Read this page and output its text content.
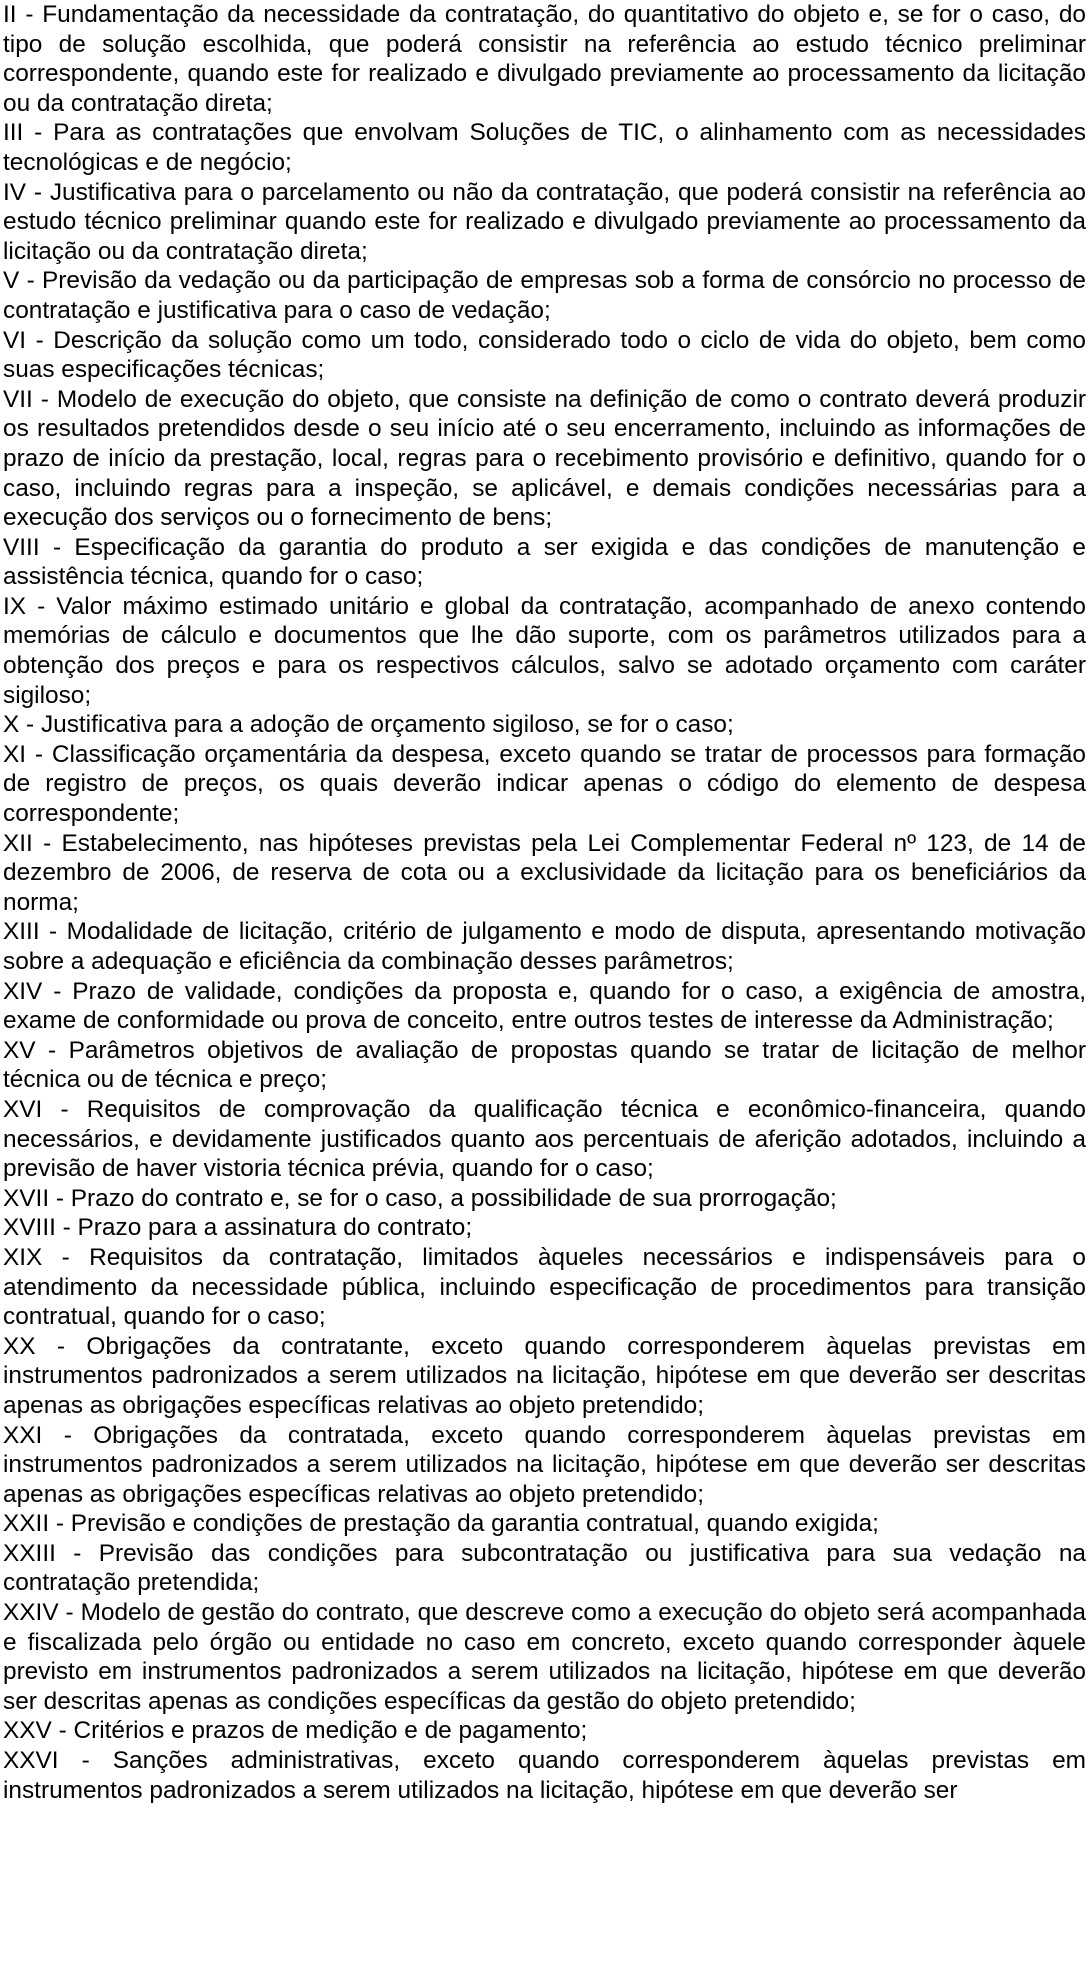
II - Fundamentação da necessidade da contratação, do quantitativo do objeto e, se for o caso, do tipo de solução escolhida, que poderá consistir na referência ao estudo técnico preliminar correspondente, quando este for realizado e divulgado previamente ao processamento da licitação ou da contratação direta;

III - Para as contratações que envolvam Soluções de TIC, o alinhamento com as necessidades tecnológicas e de negócio;

IV - Justificativa para o parcelamento ou não da contratação, que poderá consistir na referência ao estudo técnico preliminar quando este for realizado e divulgado previamente ao processamento da licitação ou da contratação direta;

V - Previsão da vedação ou da participação de empresas sob a forma de consórcio no processo de contratação e justificativa para o caso de vedação;

VI - Descrição da solução como um todo, considerado todo o ciclo de vida do objeto, bem como suas especificações técnicas;

VII - Modelo de execução do objeto, que consiste na definição de como o contrato deverá produzir os resultados pretendidos desde o seu início até o seu encerramento, incluindo as informações de prazo de início da prestação, local, regras para o recebimento provisório e definitivo, quando for o caso, incluindo regras para a inspeção, se aplicável, e demais condições necessárias para a execução dos serviços ou o fornecimento de bens;

VIII - Especificação da garantia do produto a ser exigida e das condições de manutenção e assistência técnica, quando for o caso;

IX - Valor máximo estimado unitário e global da contratação, acompanhado de anexo contendo memórias de cálculo e documentos que lhe dão suporte, com os parâmetros utilizados para a obtenção dos preços e para os respectivos cálculos, salvo se adotado orçamento com caráter sigiloso;

X - Justificativa para a adoção de orçamento sigiloso, se for o caso;

XI - Classificação orçamentária da despesa, exceto quando se tratar de processos para formação de registro de preços, os quais deverão indicar apenas o código do elemento de despesa correspondente;

XII - Estabelecimento, nas hipóteses previstas pela Lei Complementar Federal nº 123, de 14 de dezembro de 2006, de reserva de cota ou a exclusividade da licitação para os beneficiários da norma;

XIII - Modalidade de licitação, critério de julgamento e modo de disputa, apresentando motivação sobre a adequação e eficiência da combinação desses parâmetros;

XIV - Prazo de validade, condições da proposta e, quando for o caso, a exigência de amostra, exame de conformidade ou prova de conceito, entre outros testes de interesse da Administração;

XV - Parâmetros objetivos de avaliação de propostas quando se tratar de licitação de melhor técnica ou de técnica e preço;

XVI - Requisitos de comprovação da qualificação técnica e econômico-financeira, quando necessários, e devidamente justificados quanto aos percentuais de aferição adotados, incluindo a previsão de haver vistoria técnica prévia, quando for o caso;

XVII - Prazo do contrato e, se for o caso, a possibilidade de sua prorrogação;

XVIII - Prazo para a assinatura do contrato;

XIX - Requisitos da contratação, limitados àqueles necessários e indispensáveis para o atendimento da necessidade pública, incluindo especificação de procedimentos para transição contratual, quando for o caso;

XX - Obrigações da contratante, exceto quando corresponderem àquelas previstas em instrumentos padronizados a serem utilizados na licitação, hipótese em que deverão ser descritas apenas as obrigações específicas relativas ao objeto pretendido;

XXI - Obrigações da contratada, exceto quando corresponderem àquelas previstas em instrumentos padronizados a serem utilizados na licitação, hipótese em que deverão ser descritas apenas as obrigações específicas relativas ao objeto pretendido;

XXII - Previsão e condições de prestação da garantia contratual, quando exigida;

XXIII - Previsão das condições para subcontratação ou justificativa para sua vedação na contratação pretendida;

XXIV - Modelo de gestão do contrato, que descreve como a execução do objeto será acompanhada e fiscalizada pelo órgão ou entidade no caso em concreto, exceto quando corresponder àquele previsto em instrumentos padronizados a serem utilizados na licitação, hipótese em que deverão ser descritas apenas as condições específicas da gestão do objeto pretendido;

XXV - Critérios e prazos de medição e de pagamento;

XXVI - Sanções administrativas, exceto quando corresponderem àquelas previstas em instrumentos padronizados a serem utilizados na licitação, hipótese em que deverão ser
